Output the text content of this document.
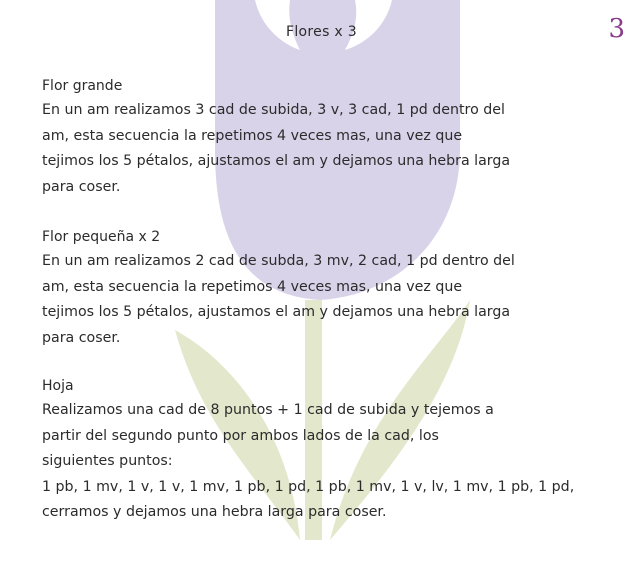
3

Flores x 3
Flor grande

En un am realizamos 3 cad de subida, 3 v, 3 cad, 1 pd dentro del
am, esta secuencia la repetimos 4 veces mas, una vez que
tejimos los 5 pétalos, ajustamos el am y dejamos una hebra larga
para coser.

Flor pequeña x 2

En un am realizamos 2 cad de subda, 3 mv, 2 cad, 1 pd dentro del
am, esta secuencia la repetimos 4 veces mas, una vez que
tejimos los 5 pétalos, ajustamos el am y dejamos una hebra larga
para coser.

Hoja

Realizamos una cad de 8 puntos + 1 cad de subida y tejemos a
partir del segundo punto por ambos lados de la cad, los
siguientes puntos:
1 pb, 1 mv, 1 v, 1 v, 1 mv, 1 pb, 1 pd, 1 pb, 1 mv, 1 v, lv, 1 mv, 1 pb, 1 pd,
cerramos y dejamos una hebra larga para coser.
